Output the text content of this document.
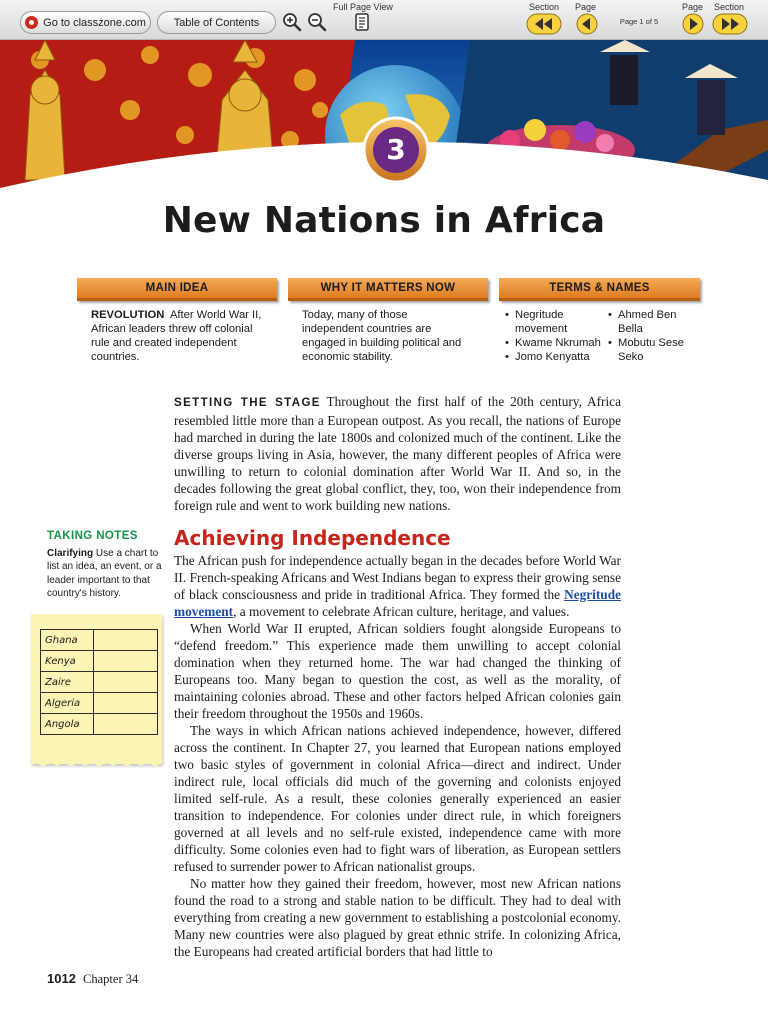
Go to classzone.com	Table of Contents
Full Page View	Section Page	Page Section
Page 1 of 5
3
New Nations in Africa
MAIN IDEA	WHY IT MATTERS NOW	TERMS & NAMES
REVOLUTION After World War II, African leaders threw off colonial rule and created independent countries.
Today, many of those independent countries are engaged in building political and economic stability.
• Negritude movement
• Kwame Nkrumah
• Jomo Kenyatta
• Ahmed Ben Bella
• Mobutu Sese Seko

SETTING THE STAGE Throughout the first half of the 20th century, Africa resembled little more than a European outpost. As you recall, the nations of Europe had marched in during the late 1800s and colonized much of the continent. Like the diverse groups living in Asia, however, the many different peoples of Africa were unwilling to return to colonial domination after World War II. And so, in the decades following the great global conflict, they, too, won their independence from foreign rule and went to work building new nations.

TAKING NOTES
Clarifying Use a chart to list an idea, an event, or a leader important to that country's history.
Ghana	
Kenya	
Zaire	
Algeria	
Angola	
Achieving Independence

The African push for independence actually began in the decades before World War II. French-speaking Africans and West Indians began to express their growing sense of black consciousness and pride in traditional Africa. They formed the Negritude movement, a movement to celebrate African culture, heritage, and values.

When World War II erupted, African soldiers fought alongside Europeans to “defend freedom.” This experience made them unwilling to accept colonial domination when they returned home. The war had changed the thinking of Europeans too. Many began to question the cost, as well as the morality, of maintaining colonies abroad. These and other factors helped African colonies gain their freedom throughout the 1950s and 1960s.

The ways in which African nations achieved independence, however, differed across the continent. In Chapter 27, you learned that European nations employed two basic styles of government in colonial Africa—direct and indirect. Under indirect rule, local officials did much of the governing and colonists enjoyed limited self-rule. As a result, these colonies generally experienced an easier transition to independence. For colonies under direct rule, in which foreigners governed at all levels and no self-rule existed, independence came with more difficulty. Some colonies even had to fight wars of liberation, as European settlers refused to surrender power to African nationalist groups.

No matter how they gained their freedom, however, most new African nations found the road to a strong and stable nation to be difficult. They had to deal with everything from creating a new government to establishing a postcolonial economy. Many new countries were also plagued by great ethnic strife. In colonizing Africa, the Europeans had created artificial borders that had little to

1012 Chapter 34
